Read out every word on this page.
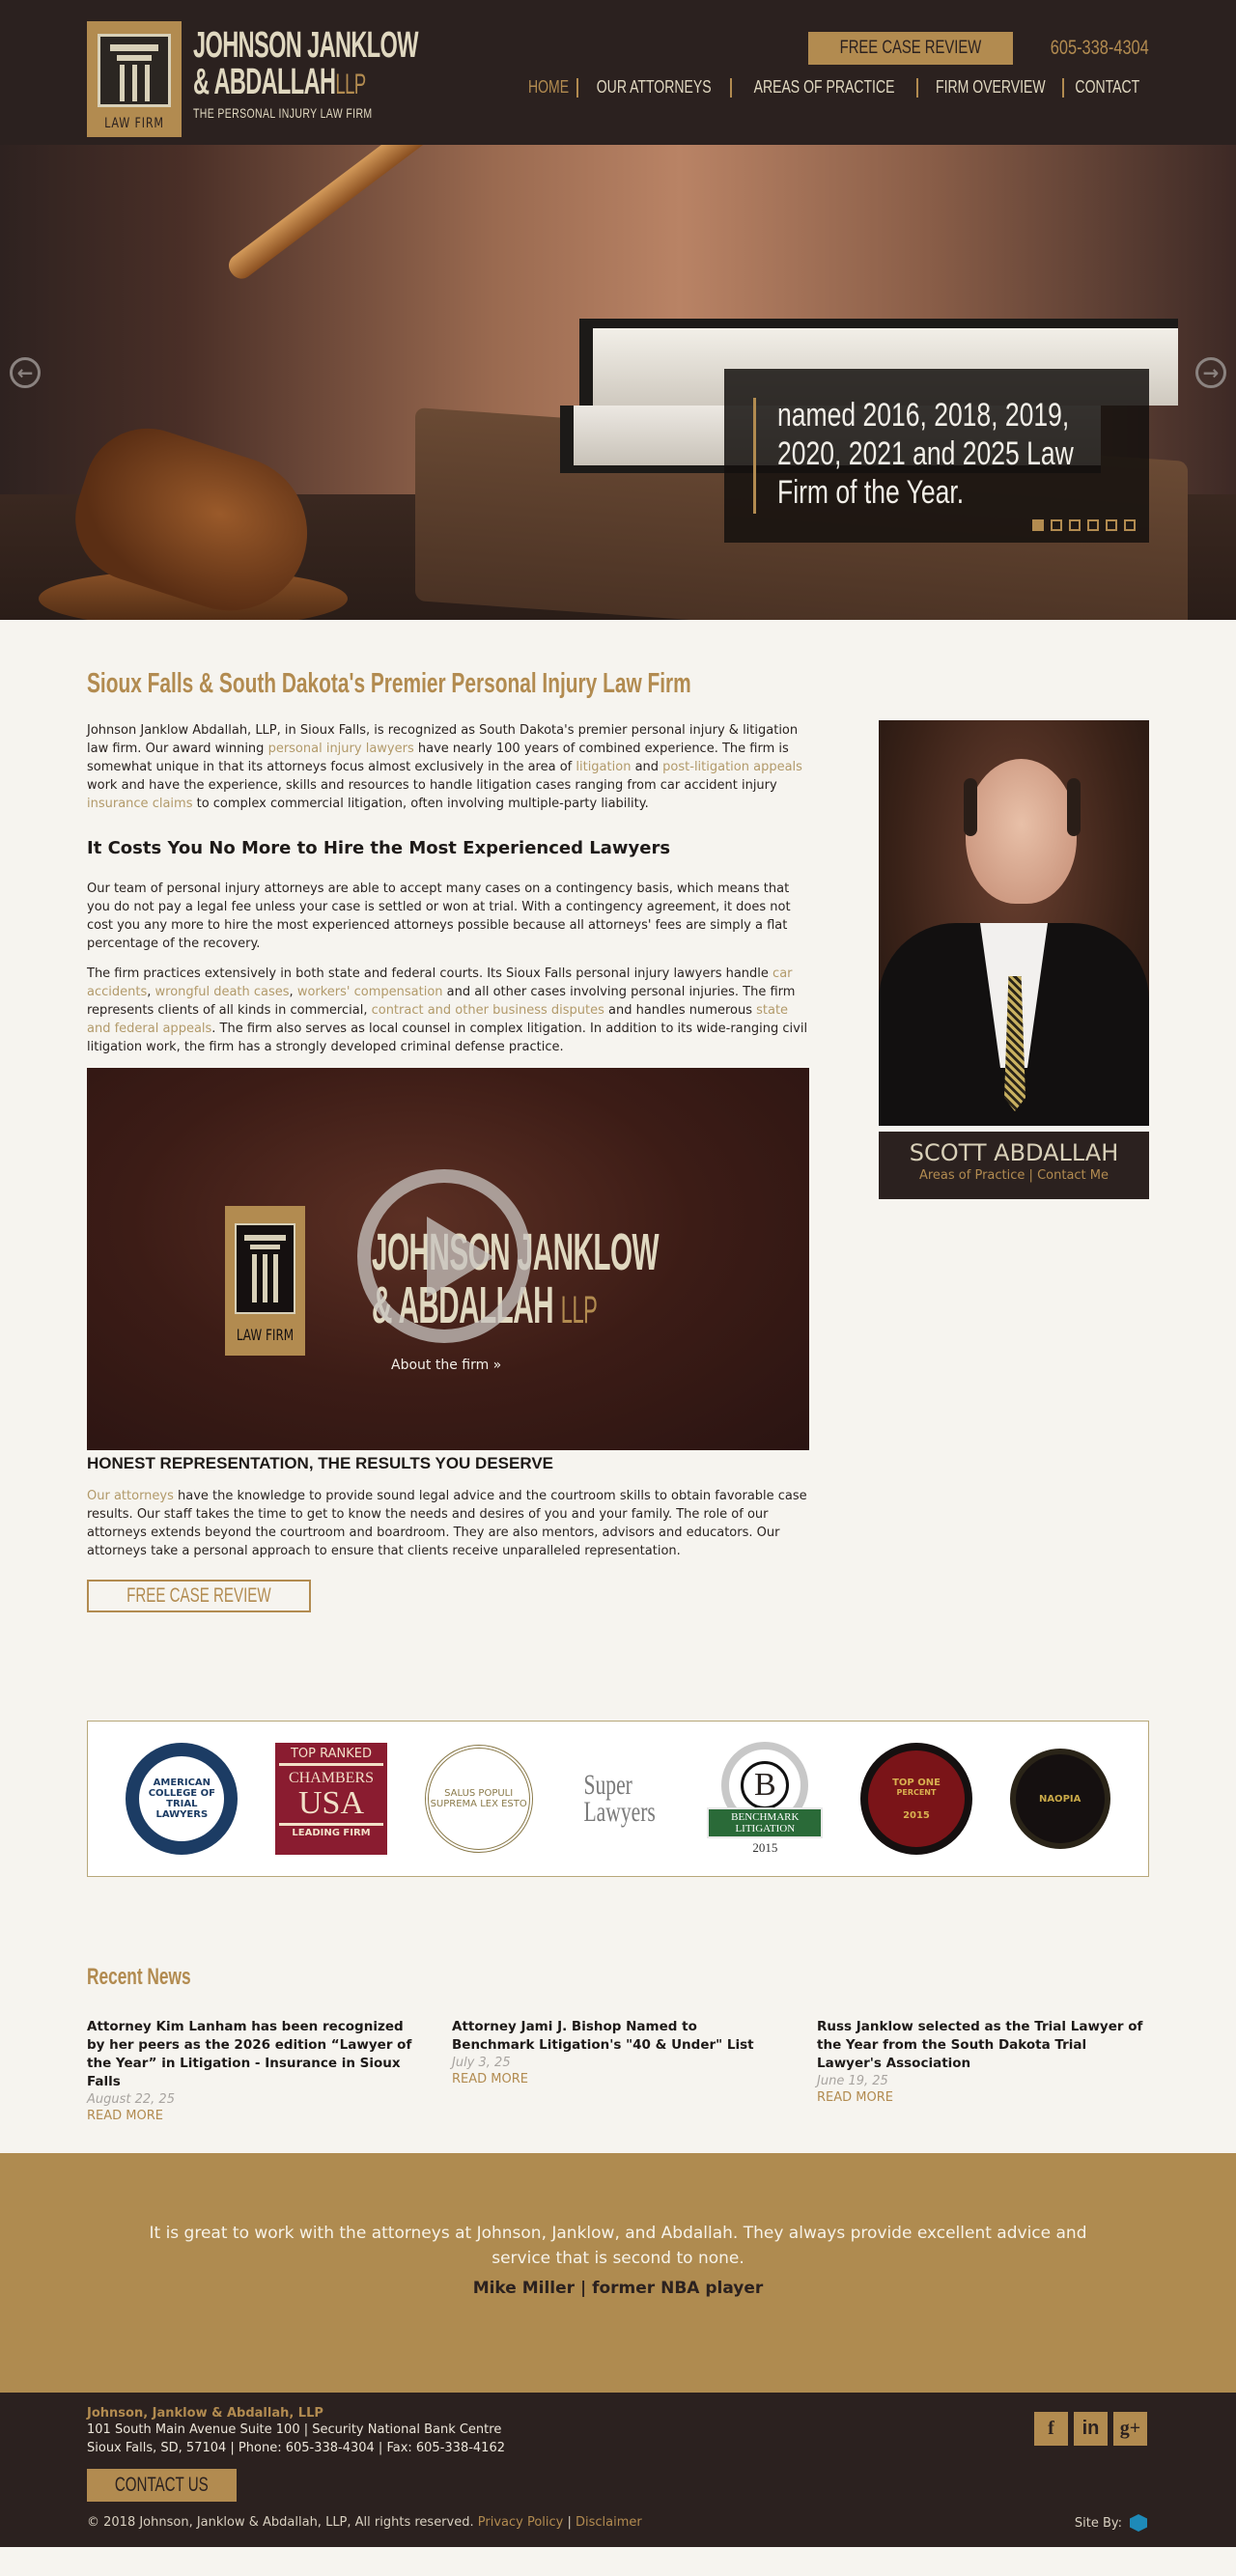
LAW FIRM
JOHNSON JANKLOW
& ABDALLAHLLP
THE PERSONAL INJURY LAW FIRM
FREE CASE REVIEW	605-338-4304
HOME OUR ATTORNEYS AREAS OF PRACTICE FIRM OVERVIEW CONTACT
←	→
named 2016, 2018, 2019, 2020, 2021 and 2025 Law Firm of the Year.
Sioux Falls & South Dakota's Premier Personal Injury Law Firm

Johnson Janklow Abdallah, LLP, in Sioux Falls, is recognized as South Dakota's premier personal injury & litigation law firm. Our award winning personal injury lawyers have nearly 100 years of combined experience. The firm is somewhat unique in that its attorneys focus almost exclusively in the area of litigation and post-litigation appeals work and have the experience, skills and resources to handle litigation cases ranging from car accident injury insurance claims to complex commercial litigation, often involving multiple-party liability.

It Costs You No More to Hire the Most Experienced Lawyers

Our team of personal injury attorneys are able to accept many cases on a contingency basis, which means that you do not pay a legal fee unless your case is settled or won at trial. With a contingency agreement, it does not cost you any more to hire the most experienced attorneys possible because all attorneys' fees are simply a flat percentage of the recovery.

The firm practices extensively in both state and federal courts. Its Sioux Falls personal injury lawyers handle car accidents, wrongful death cases, workers' compensation and all other cases involving personal injuries. The firm represents clients of all kinds in commercial, contract and other business disputes and handles numerous state and federal appeals. The firm also serves as local counsel in complex litigation. In addition to its wide-ranging civil litigation work, the firm has a strongly developed criminal defense practice.

LAW FIRM
JOHNSON JANKLOW
& ABDALLAH LLP
About the firm »
HONEST REPRESENTATION, THE RESULTS YOU DESERVE

Our attorneys have the knowledge to provide sound legal advice and the courtroom skills to obtain favorable case results. Our staff takes the time to get to know the needs and desires of you and your family. The role of our attorneys extends beyond the courtroom and boardroom. They are also mentors, advisors and educators. Our attorneys take a personal approach to ensure that clients receive unparalleled representation.

FREE CASE REVIEW
SCOTT ABDALLAH
Areas of Practice | Contact Me
AMERICAN COLLEGE OF TRIAL LAWYERS
TOP RANKED
CHAMBERS
USA
LEADING FIRM
SALUS POPULI SUPREMA LEX ESTO
Super
Lawyers
B
BENCHMARK LITIGATION
2015
TOP ONE
PERCENT
2015
NAOPIA
Recent News
Attorney Kim Lanham has been recognized by her peers as the 2026 edition “Lawyer of the Year” in Litigation - Insurance in Sioux Falls
August 22, 25
READ MORE
Attorney Jami J. Bishop Named to Benchmark Litigation's "40 & Under" List
July 3, 25
READ MORE
Russ Janklow selected as the Trial Lawyer of the Year from the South Dakota Trial Lawyer's Association
June 19, 25
READ MORE

It is great to work with the attorneys at Johnson, Janklow, and Abdallah. They always provide excellent advice and service that is second to none.

Mike Miller | former NBA player

Johnson, Janklow & Abdallah, LLP
101 South Main Avenue Suite 100 | Security National Bank Centre
Sioux Falls, SD, 57104 | Phone: 605-338-4304 | Fax: 605-338-4162
CONTACT US
© 2018 Johnson, Janklow & Abdallah, LLP, All rights reserved. Privacy Policy | Disclaimer
f	in	g+
Site By:
